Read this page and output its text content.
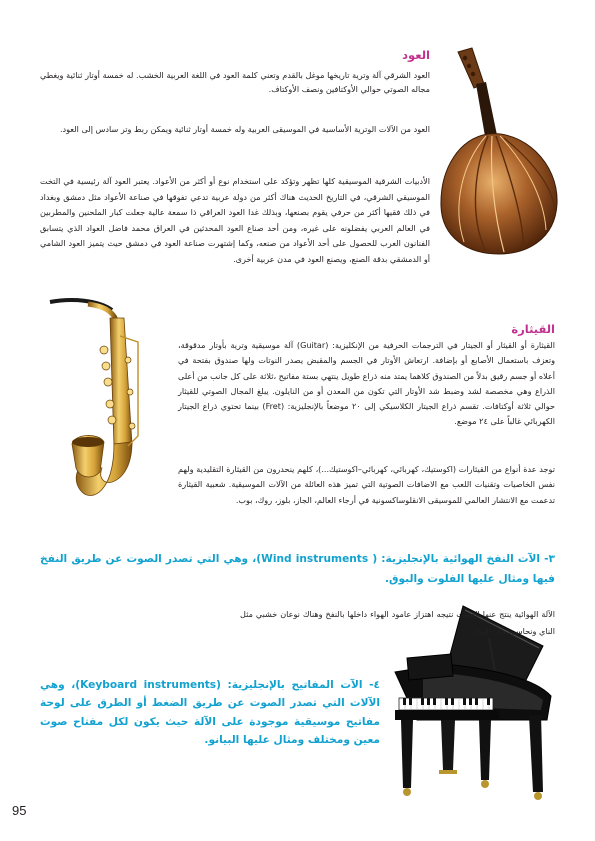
العود
العود الشرقي آلة وترية تاريخها موغل بالقدم وتعني كلمة العود في اللغة العربية الخشب. له خمسة أوتار ثنائية ويغطي مجاله الصوتي حوالي الأوكتافين ونصف الأوكتاف.
العود من الآلات الوترية الأساسية في الموسيقى العربية وله خمسة أوتار ثنائية ويمكن ربط وتر سادس إلى العود.
الأدبيات الشرقية الموسيقية كلها تظهر وتؤكد على استخدام نوع أو أكثر من الأعواد. يعتبر العود آلة رئيسية في التخت الموسيقي الشرقي، في التاريخ الحديث هناك أكثر من دولة عربية تدعي تفوقها في صناعة الأعواد مثل دمشق وبغداد في ذلك فقيها أكثر من حرفي يقوم بصنعها، وبذلك غدا العود العراقي ذا سمعة عالية جعلت كبار الملحنين والمطربين في العالم العربي يفضلونه على غيره، ومن أحد صناع العود المحدثين في العراق محمد فاضل العواد الذي يتسابق الفنانون العرب للحصول على أحد الأعواد من صنعه، وكما إشتهرت صناعة العود في دمشق حيث يتميز العود الشامي أو الدمشقي بدقة الصنع، ويصنع العود في مدن عربية أخرى.
القيثارة
القيثارة أو القيثار أو الجيتار في الترجمات الحرفية من الإنكليزية: (Guitar) آلة موسيقية وترية بأوتار مدقوقة، وتعزف باستعمال الأصابع أو بإضافة. ارتعاش الأوتار في الجسم والمقبض يصدر النوتات ولها صندوق بفتحة في أعلاه أو جسم رقيق بدلاً من الصندوق كلاهما يمتد منه ذراع طويل ينتهي بستة مفاتيح ،ثلاثة على كل جانب من أعلى الذراع وهي مخصصة لشد وضبط شد الأوتار التي تكون من المعدن أو من النايلون. يبلغ المجال الصوتي للقيثار حوالي ثلاثة أوكتافات. تقسم ذراع الجيتار الكلاسيكي إلى ٢٠ موضعاً بالإنجليزية: (Fret) بينما تحتوي ذراع الجيتار الكهربائي غالباً على ٢٤ موضع.
توجد عدة أنواع من القيثارات (اكوستيك، كهربائي، كهربائي–اكوستيك...)، كلهم ينحدرون من القيثارة التقليدية ولهم نفس الخاصيات وتقنيات اللعب مع الاضافات الصوتية التي تميز هذه العائلة من الآلات الموسيقية. شعبية القيثارة تدعمت مع الانتشار العالمي للموسيقى الانقلوساكسونية في أرجاء العالم، الجاز، بلوز، روك، بوب.
٣- الآت النفخ الهوائية بالإنجليزية: ( Wind instruments)، وهي التي تصدر الصوت عن طريق النفخ فيها ومثال عليها الفلوت والبوق.
الآلة الهوائية ينتج عنها الصوت نتيجه اهتزاز عامود الهواء داخلها بالنفخ وهناك نوعان خشبي مثل الناي ونحاسي مثل البوق.
٤- الآت المفاتيح بالإنجليزية: (Keyboard instruments)، وهي الآلات التي تصدر الصوت عن طريق الضغط أو الطرق على لوحة مفاتيح موسيقية موجودة على الآلة حيث يكون لكل مفتاح صوت معين ومختلف ومثال عليها البيانو.
95
